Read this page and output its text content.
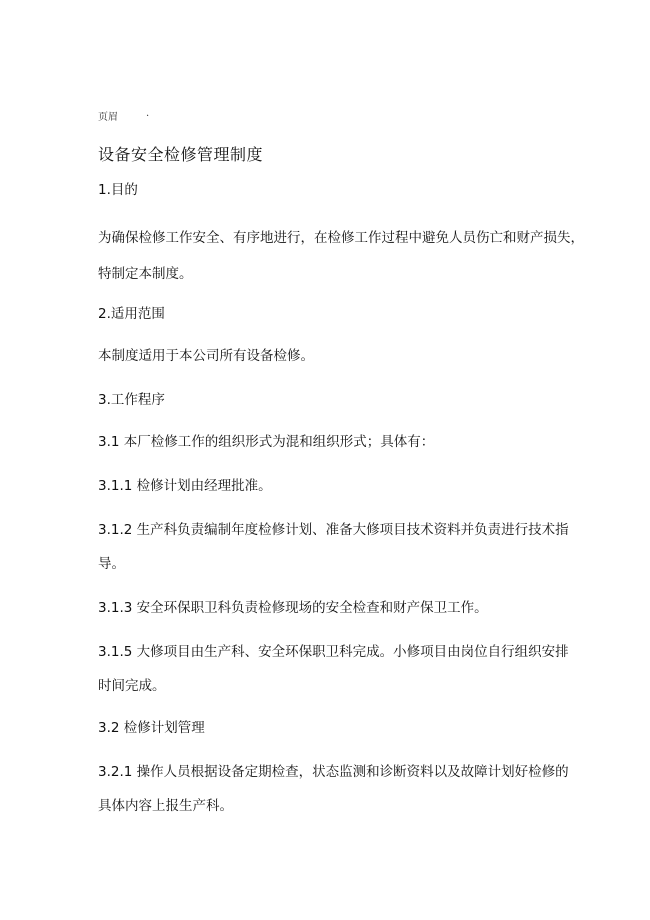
页眉	.
设备安全检修管理制度
1.目的
为确保检修工作安全、有序地进行，在检修工作过程中避免人员伤亡和财产损失，
特制定本制度。
2.适用范围
本制度适用于本公司所有设备检修。
3.工作程序
3.1 本厂检修工作的组织形式为混和组织形式；具体有：
3.1.1 检修计划由经理批准。
3.1.2 生产科负责编制年度检修计划、准备大修项目技术资料并负责进行技术指
导。
3.1.3 安全环保职卫科负责检修现场的安全检查和财产保卫工作。
3.1.5 大修项目由生产科、安全环保职卫科完成。小修项目由岗位自行组织安排
时间完成。
3.2 检修计划管理
3.2.1 操作人员根据设备定期检查，状态监测和诊断资料以及故障计划好检修的
具体内容上报生产科。
